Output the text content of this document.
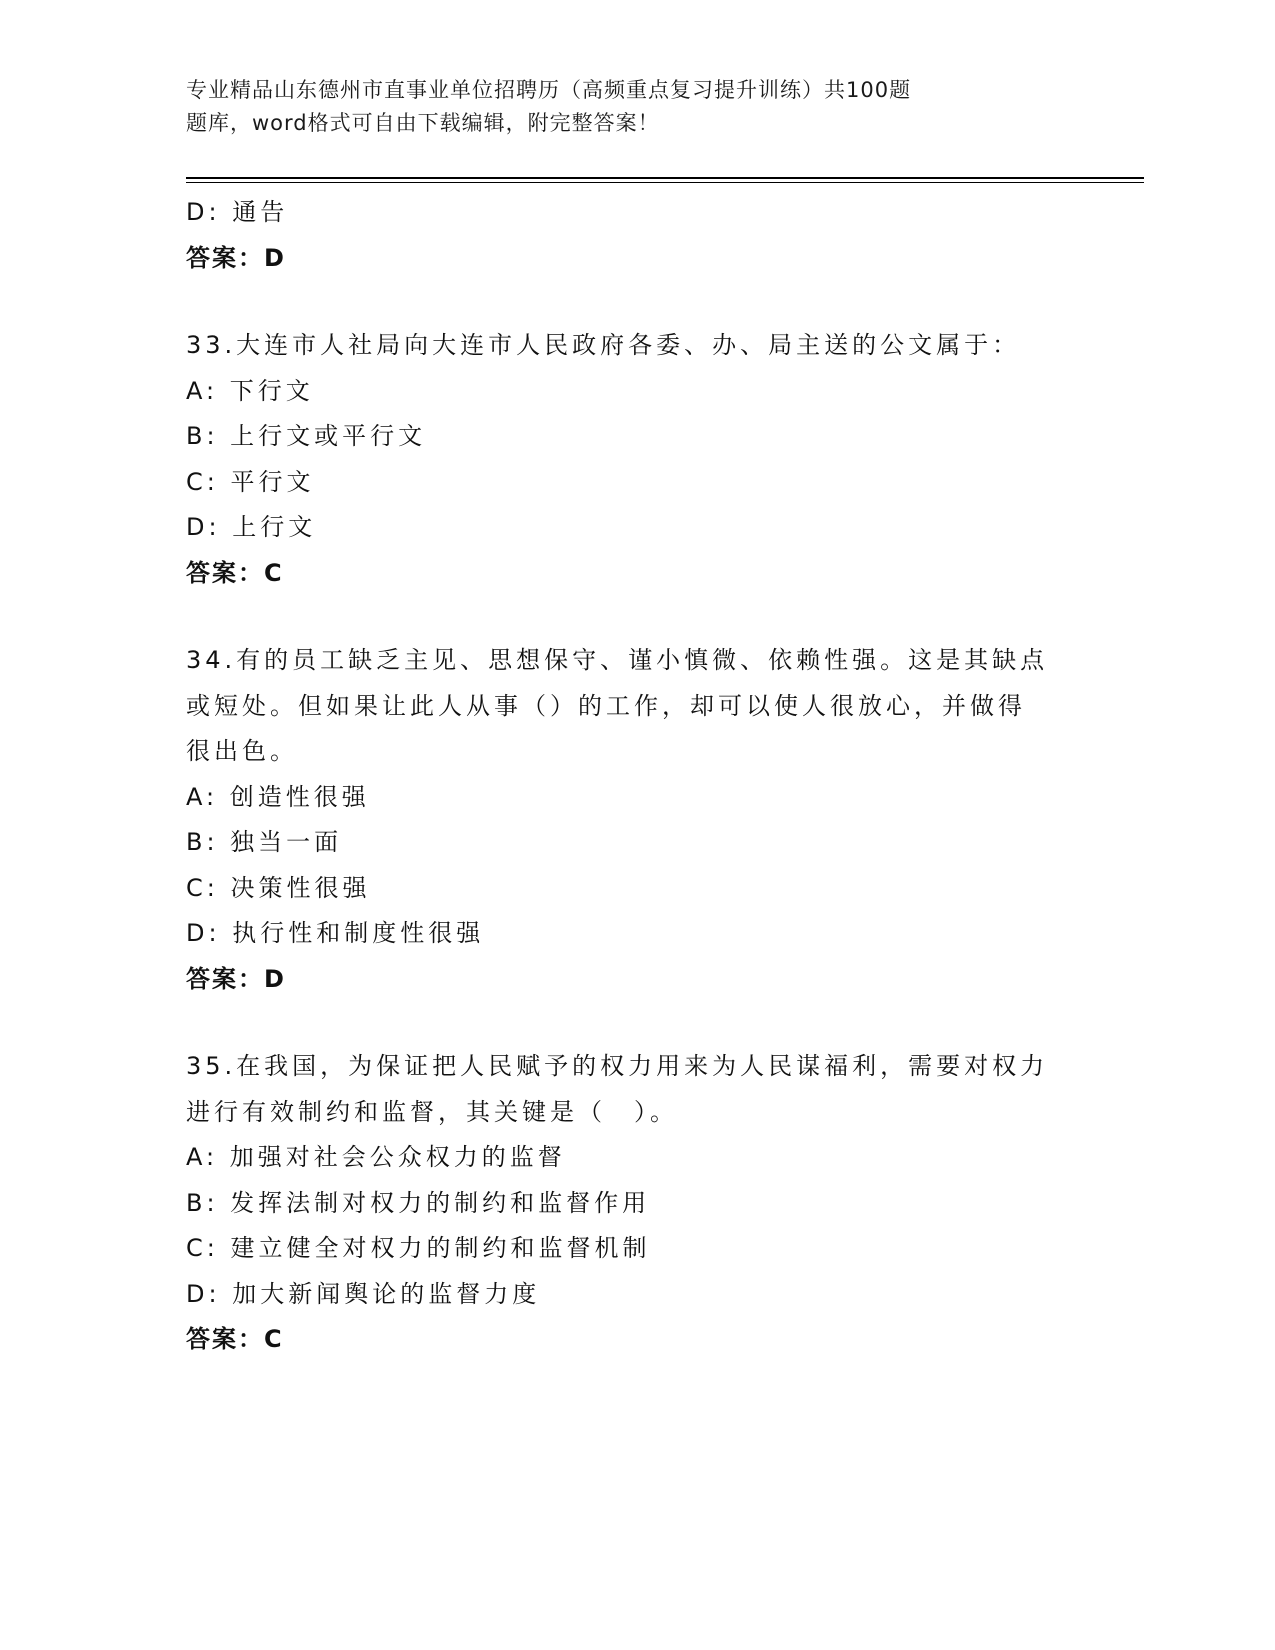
专业精品山东德州市直事业单位招聘历（高频重点复习提升训练）共100题
题库，word格式可自由下载编辑，附完整答案！
D: 通告
答案：D
33.大连市人社局向大连市人民政府各委、办、局主送的公文属于：
A: 下行文
B: 上行文或平行文
C: 平行文
D: 上行文
答案：C
34.有的员工缺乏主见、思想保守、谨小慎微、依赖性强。这是其缺点
或短处。但如果让此人从事（）的工作，却可以使人很放心，并做得
很出色。
A: 创造性很强
B: 独当一面
C: 决策性很强
D: 执行性和制度性很强
答案：D
35.在我国，为保证把人民赋予的权力用来为人民谋福利，需要对权力
进行有效制约和监督，其关键是（　）。
A: 加强对社会公众权力的监督
B: 发挥法制对权力的制约和监督作用
C: 建立健全对权力的制约和监督机制
D: 加大新闻舆论的监督力度
答案：C
